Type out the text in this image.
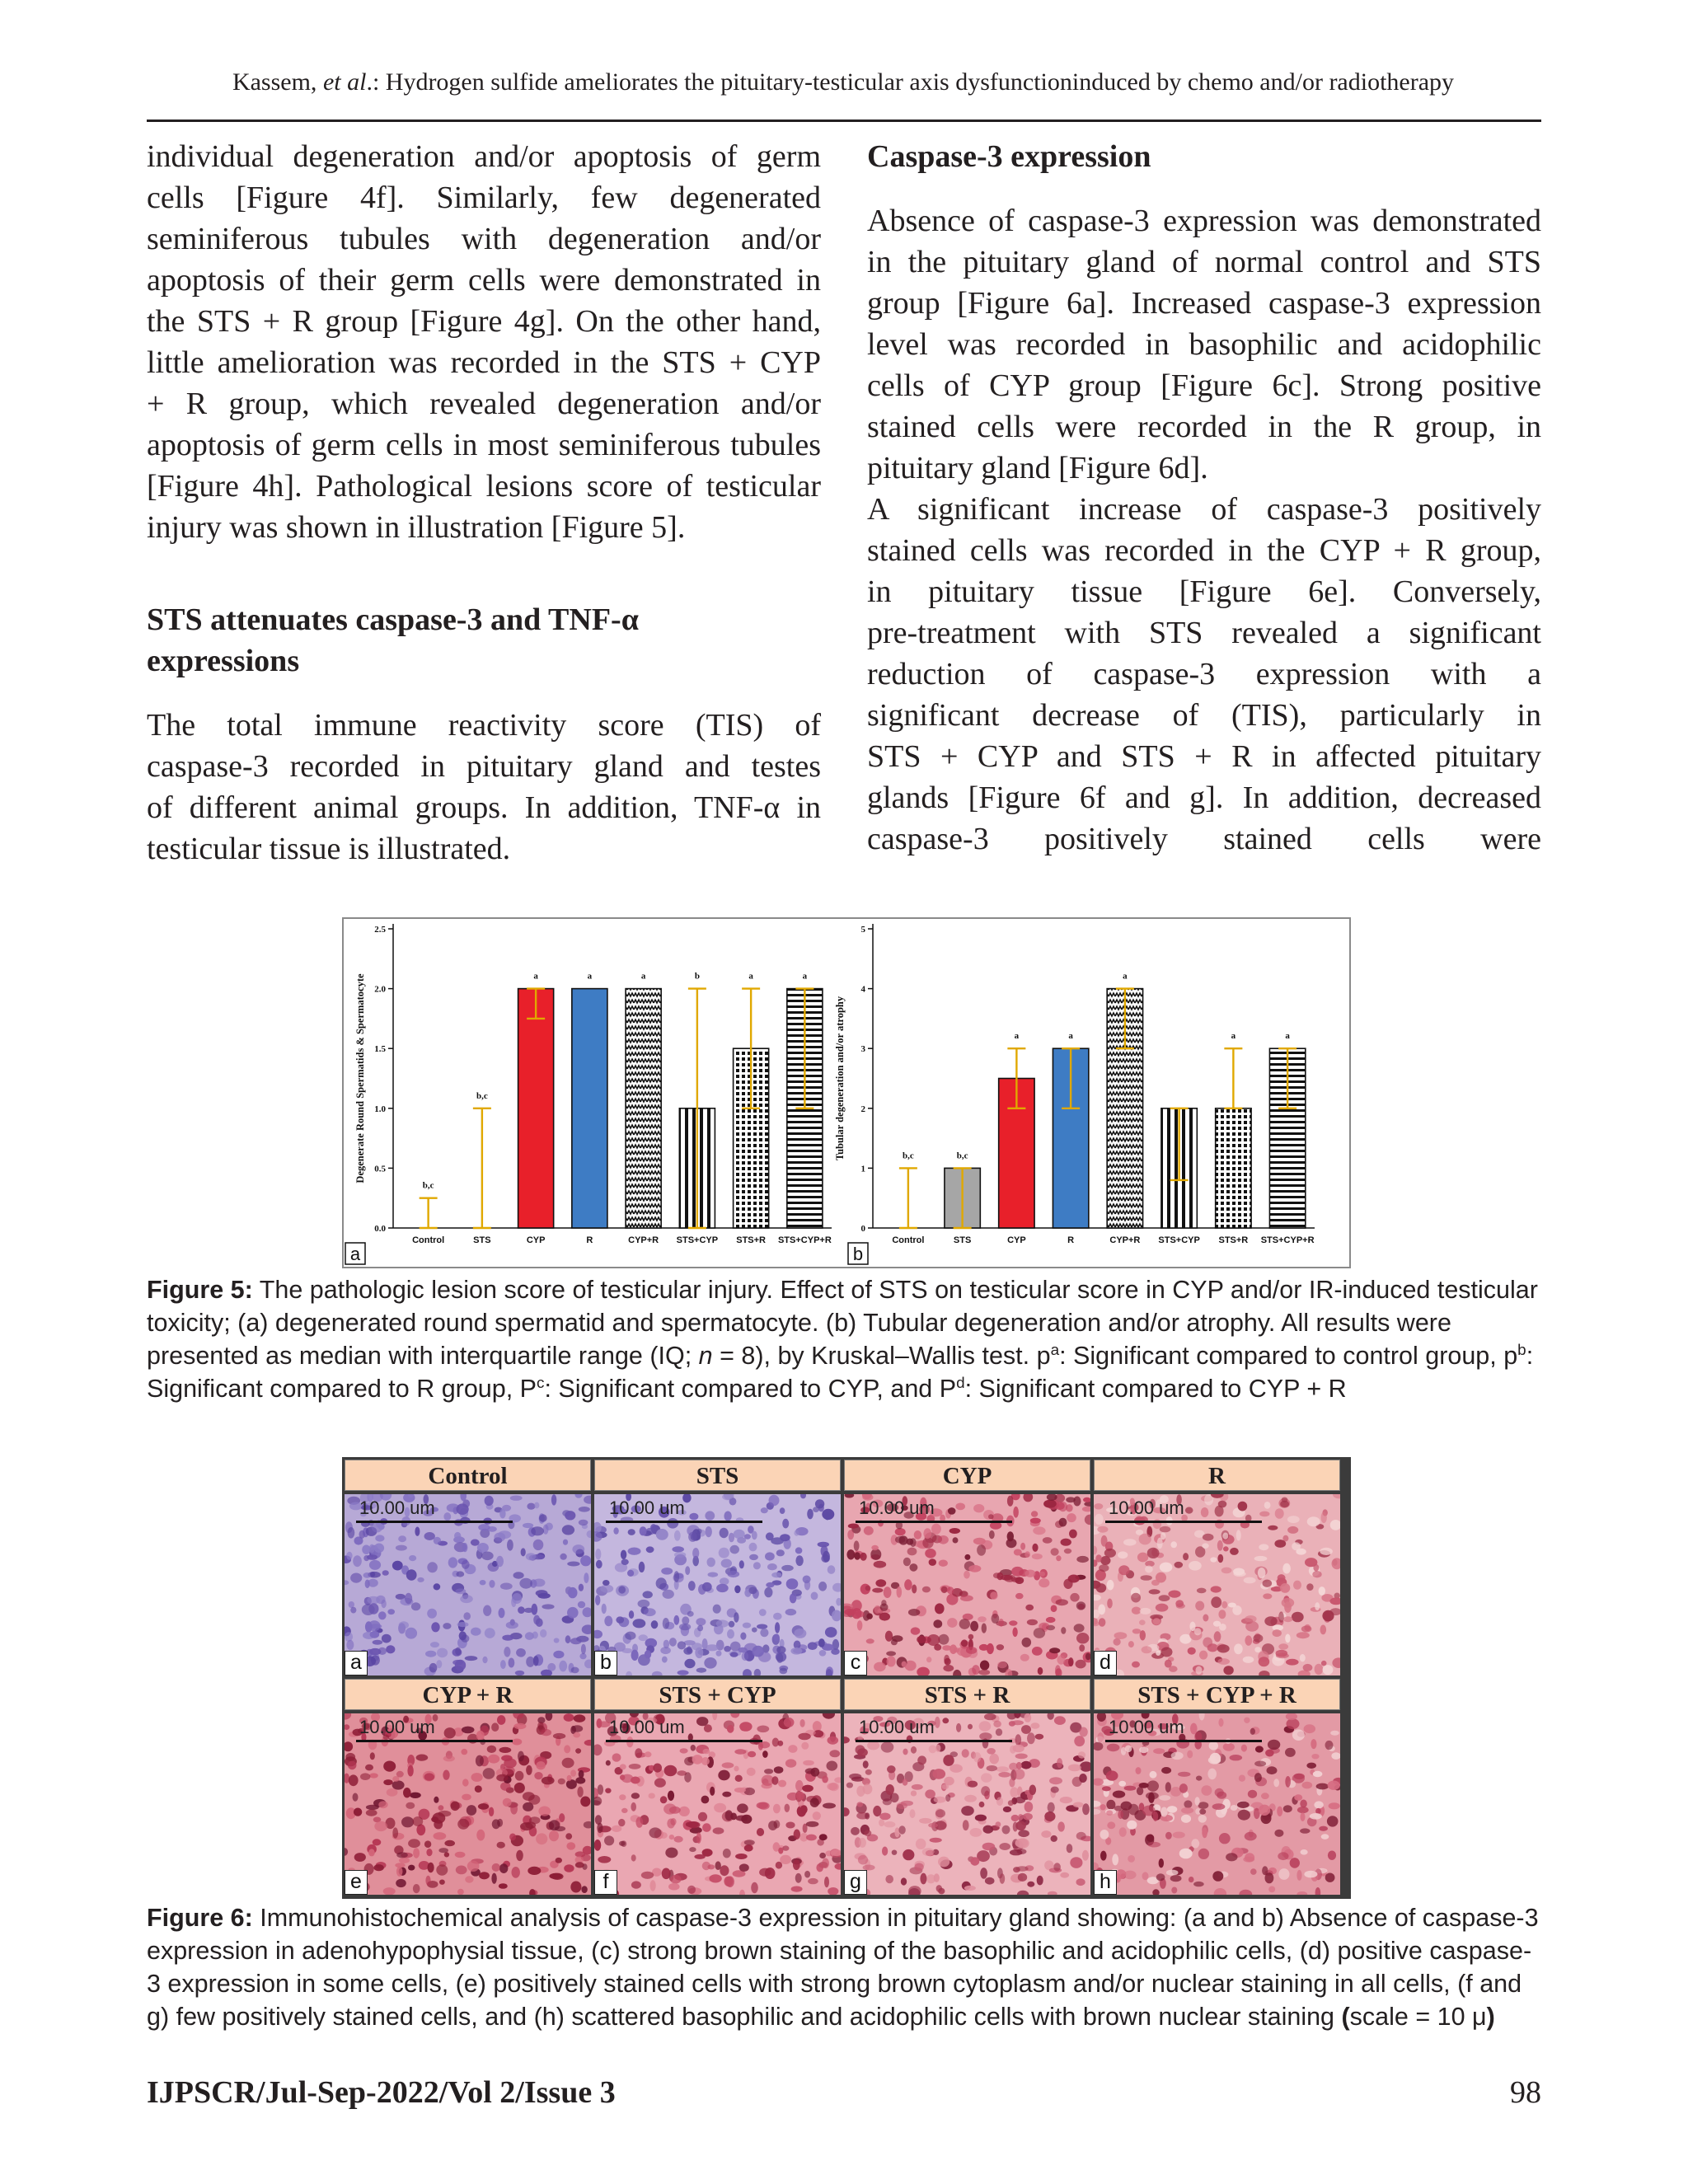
Kassem, et al.: Hydrogen sulfide ameliorates the pituitary-testicular axis dysfunctioninduced by chemo and/or radiotherapy

individual degeneration and/or apoptosis of germ
cells [Figure 4f]. Similarly, few degenerated
seminiferous tubules with degeneration and/or
apoptosis of their germ cells were demonstrated in
the STS + R group [Figure 4g]. On the other hand,
little amelioration was recorded in the STS + CYP
+ R group, which revealed degeneration and/or
apoptosis of germ cells in most seminiferous tubules
[Figure 4h]. Pathological lesions score of testicular
injury was shown in illustration [Figure 5].

STS attenuates caspase-3 and TNF-α
expressions

The total immune reactivity score (TIS) of
caspase-3 recorded in pituitary gland and testes
of different animal groups. In addition, TNF-α in
testicular tissue is illustrated.

Caspase-3 expression

Absence of caspase-3 expression was demonstrated
in the pituitary gland of normal control and STS
group [Figure 6a]. Increased caspase-3 expression
level was recorded in basophilic and acidophilic
cells of CYP group [Figure 6c]. Strong positive
stained cells were recorded in the R group, in
pituitary gland [Figure 6d].

A significant increase of caspase-3 positively
stained cells was recorded in the CYP + R group,
in pituitary tissue [Figure 6e]. Conversely,
pre-treatment with STS revealed a significant
reduction of caspase-3 expression with a
significant decrease of (TIS), particularly in
STS + CYP and STS + R in affected pituitary
glands [Figure 6f and g]. In addition, decreased
caspase-3 positively stained cells were

0.0
0.5
1.0
1.5
2.0
2.5
Degenerate Round Spermatids & Spermatocyte
b,c
Control
b,c
STS
a
CYP
a
R
a
CYP+R
b
STS+CYP
a
STS+R
a
STS+CYP+R
a
0
1
2
3
4
5
Tubular degeneration and/or atrophy	b,c
Control
b,c
STS
a
CYP
a
R
a
CYP+R STS+CYP
a
STS+R
a
STS+CYP+R
b
Figure 5: The pathologic lesion score of testicular injury. Effect of STS on testicular score in CYP and/or IR-induced testicular toxicity; (a) degenerated round spermatid and spermatocyte. (b) Tubular degeneration and/or atrophy. All results were presented as median with interquartile range (IQ; n = 8), by Kruskal–Wallis test. $p^a$: Significant compared to control group, $p^b$: Significant compared to R group, $P^c$: Significant compared to CYP, and $P^d$: Significant compared to CYP + R
Control	STS	CYP	R
10.00 um
a
10.00 um
b
10.00 um
c
10.00 um
d
CYP + R	STS + CYP	STS + R	STS + CYP + R
10.00 um
e
10.00 um
f
10.00 um
g
10.00 um
h
Figure 6: Immunohistochemical analysis of caspase-3 expression in pituitary gland showing: (a and b) Absence of caspase-3 expression in adenohypophysial tissue, (c) strong brown staining of the basophilic and acidophilic cells, (d) positive caspase-3 expression in some cells, (e) positively stained cells with strong brown cytoplasm and/or nuclear staining in all cells, (f and g) few positively stained cells, and (h) scattered basophilic and acidophilic cells with brown nuclear staining (scale = 10 μ)
IJPSCR/Jul-Sep-2022/Vol 2/Issue 3	98
